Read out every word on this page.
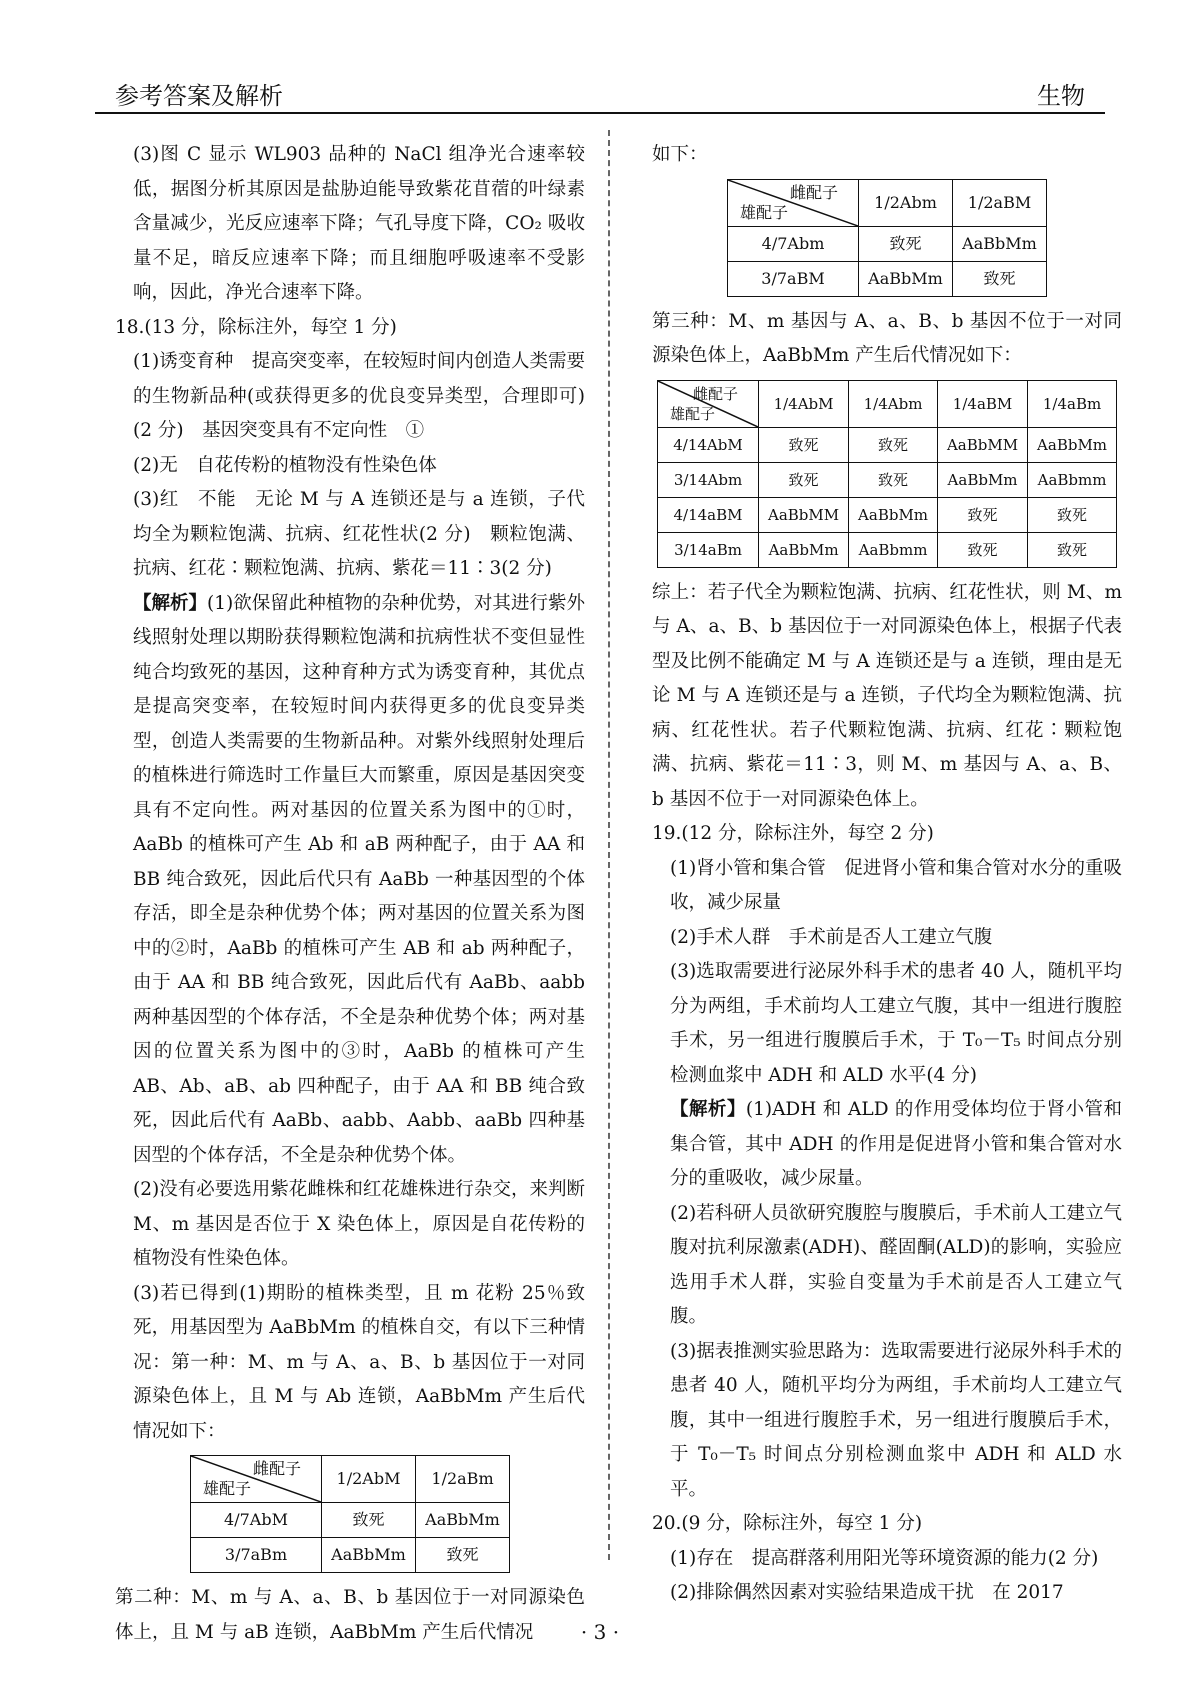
参考答案及解析	生物

(3)图 C 显示 WL903 品种的 NaCl 组净光合速率较低，据图分析其原因是盐胁迫能导致紫花苜蓿的叶绿素含量减少，光反应速率下降；气孔导度下降，CO₂ 吸收量不足，暗反应速率下降；而且细胞呼吸速率不受影响，因此，净光合速率下降。

18.(13 分，除标注外，每空 1 分)

(1)诱变育种　提高突变率，在较短时间内创造人类需要的生物新品种(或获得更多的优良变异类型，合理即可)(2 分)　基因突变具有不定向性　①

(2)无　自花传粉的植物没有性染色体

(3)红　不能　无论 M 与 A 连锁还是与 a 连锁，子代均全为颗粒饱满、抗病、红花性状(2 分)　颗粒饱满、抗病、红花∶颗粒饱满、抗病、紫花＝11∶3(2 分)

【解析】(1)欲保留此种植物的杂种优势，对其进行紫外线照射处理以期盼获得颗粒饱满和抗病性状不变但显性纯合均致死的基因，这种育种方式为诱变育种，其优点是提高突变率，在较短时间内获得更多的优良变异类型，创造人类需要的生物新品种。对紫外线照射处理后的植株进行筛选时工作量巨大而繁重，原因是基因突变具有不定向性。两对基因的位置关系为图中的①时，AaBb 的植株可产生 Ab 和 aB 两种配子，由于 AA 和 BB 纯合致死，因此后代只有 AaBb 一种基因型的个体存活，即全是杂种优势个体；两对基因的位置关系为图中的②时，AaBb 的植株可产生 AB 和 ab 两种配子，由于 AA 和 BB 纯合致死，因此后代有 AaBb、aabb 两种基因型的个体存活，不全是杂种优势个体；两对基因的位置关系为图中的③时，AaBb 的植株可产生 AB、Ab、aB、ab 四种配子，由于 AA 和 BB 纯合致死，因此后代有 AaBb、aabb、Aabb、aaBb 四种基因型的个体存活，不全是杂种优势个体。

(2)没有必要选用紫花雌株和红花雄株进行杂交，来判断 M、m 基因是否位于 X 染色体上，原因是自花传粉的植物没有性染色体。

(3)若已得到(1)期盼的植株类型，且 m 花粉 25％致死，用基因型为 AaBbMm 的植株自交，有以下三种情况：第一种：M、m 与 A、a、B、b 基因位于一对同源染色体上，且 M 与 Ab 连锁，AaBbMm 产生后代情况如下：

雌配子
雄配子	1/2AbM	1/2aBm
4/7AbM	致死	AaBbMm
3/7aBm	AaBbMm	致死

第二种：M、m 与 A、a、B、b 基因位于一对同源染色体上，且 M 与 aB 连锁，AaBbMm 产生后代情况

如下：

雌配子
雄配子	1/2Abm	1/2aBM
4/7Abm	致死	AaBbMm
3/7aBM	AaBbMm	致死

第三种：M、m 基因与 A、a、B、b 基因不位于一对同源染色体上，AaBbMm 产生后代情况如下：

雌配子
雄配子	1/4AbM	1/4Abm	1/4aBM	1/4aBm
4/14AbM	致死	致死	AaBbMM	AaBbMm
3/14Abm	致死	致死	AaBbMm	AaBbmm
4/14aBM	AaBbMM	AaBbMm	致死	致死
3/14aBm	AaBbMm	AaBbmm	致死	致死

综上：若子代全为颗粒饱满、抗病、红花性状，则 M、m 与 A、a、B、b 基因位于一对同源染色体上，根据子代表型及比例不能确定 M 与 A 连锁还是与 a 连锁，理由是无论 M 与 A 连锁还是与 a 连锁，子代均全为颗粒饱满、抗病、红花性状。若子代颗粒饱满、抗病、红花∶颗粒饱满、抗病、紫花＝11∶3，则 M、m 基因与 A、a、B、b 基因不位于一对同源染色体上。

19.(12 分，除标注外，每空 2 分)

(1)肾小管和集合管　促进肾小管和集合管对水分的重吸收，减少尿量

(2)手术人群　手术前是否人工建立气腹

(3)选取需要进行泌尿外科手术的患者 40 人，随机平均分为两组，手术前均人工建立气腹，其中一组进行腹腔手术，另一组进行腹膜后手术，于 T₀－T₅ 时间点分别检测血浆中 ADH 和 ALD 水平(4 分)

【解析】(1)ADH 和 ALD 的作用受体均位于肾小管和集合管，其中 ADH 的作用是促进肾小管和集合管对水分的重吸收，减少尿量。

(2)若科研人员欲研究腹腔与腹膜后，手术前人工建立气腹对抗利尿激素(ADH)、醛固酮(ALD)的影响，实验应选用手术人群，实验自变量为手术前是否人工建立气腹。

(3)据表推测实验思路为：选取需要进行泌尿外科手术的患者 40 人，随机平均分为两组，手术前均人工建立气腹，其中一组进行腹腔手术，另一组进行腹膜后手术，于 T₀－T₅ 时间点分别检测血浆中 ADH 和 ALD 水平。

20.(9 分，除标注外，每空 1 分)

(1)存在　提高群落利用阳光等环境资源的能力(2 分)

(2)排除偶然因素对实验结果造成干扰　在 2017

· 3 ·
